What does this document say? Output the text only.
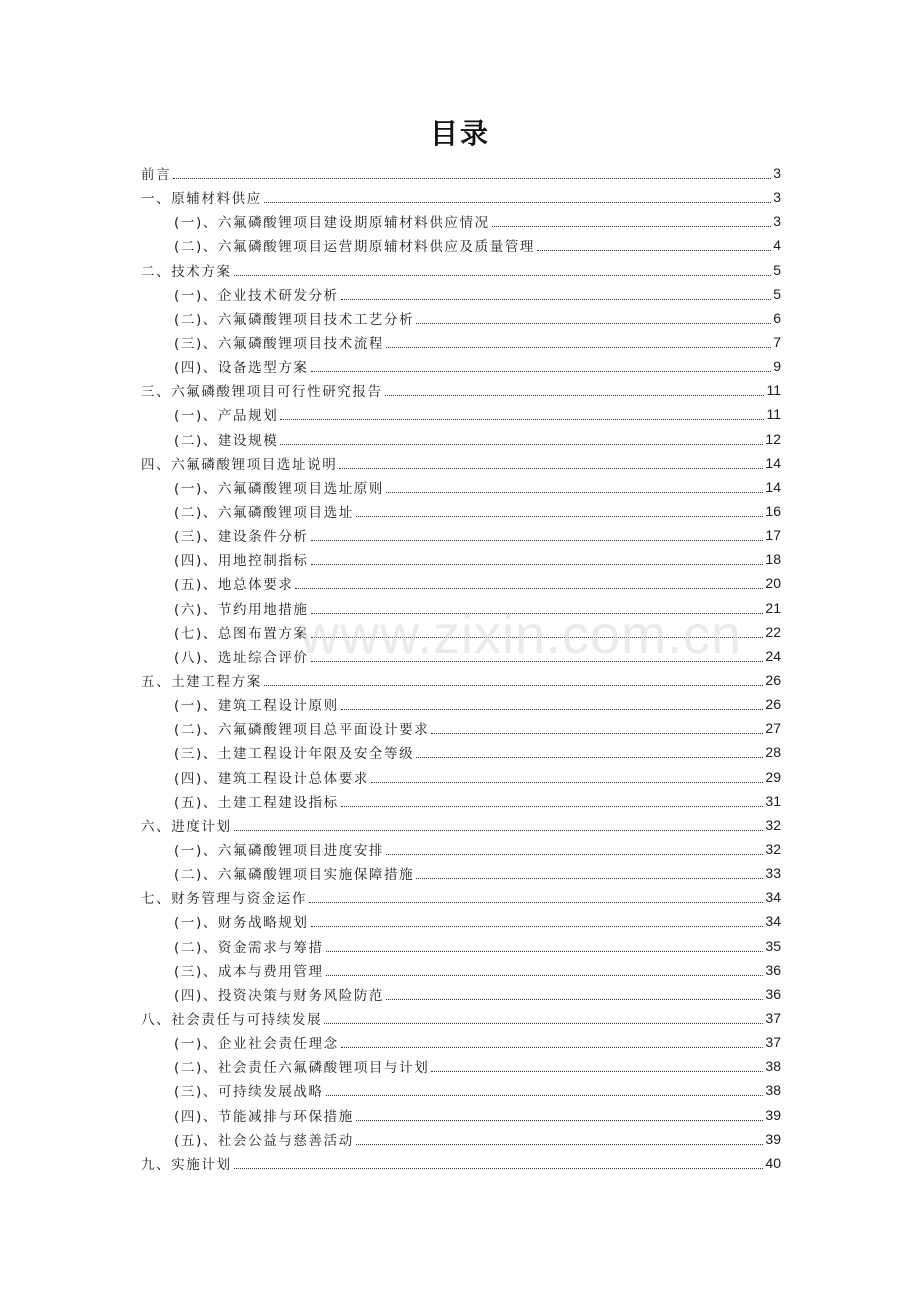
目录
前言	3
一、原辅材料供应	3
(一)、六氟磷酸锂项目建设期原辅材料供应情况	3
(二)、六氟磷酸锂项目运营期原辅材料供应及质量管理	4
二、技术方案	5
(一)、企业技术研发分析	5
(二)、六氟磷酸锂项目技术工艺分析	6
(三)、六氟磷酸锂项目技术流程	7
(四)、设备选型方案	9
三、六氟磷酸锂项目可行性研究报告	11
(一)、产品规划	11
(二)、建设规模	12
四、六氟磷酸锂项目选址说明	14
(一)、六氟磷酸锂项目选址原则	14
(二)、六氟磷酸锂项目选址	16
(三)、建设条件分析	17
(四)、用地控制指标	18
(五)、地总体要求	20
(六)、节约用地措施	21
(七)、总图布置方案	22
(八)、选址综合评价	24
五、土建工程方案	26
(一)、建筑工程设计原则	26
(二)、六氟磷酸锂项目总平面设计要求	27
(三)、土建工程设计年限及安全等级	28
(四)、建筑工程设计总体要求	29
(五)、土建工程建设指标	31
六、进度计划	32
(一)、六氟磷酸锂项目进度安排	32
(二)、六氟磷酸锂项目实施保障措施	33
七、财务管理与资金运作	34
(一)、财务战略规划	34
(二)、资金需求与筹措	35
(三)、成本与费用管理	36
(四)、投资决策与财务风险防范	36
八、社会责任与可持续发展	37
(一)、企业社会责任理念	37
(二)、社会责任六氟磷酸锂项目与计划	38
(三)、可持续发展战略	38
(四)、节能减排与环保措施	39
(五)、社会公益与慈善活动	39
九、实施计划	40
www.zixin.com.cn
